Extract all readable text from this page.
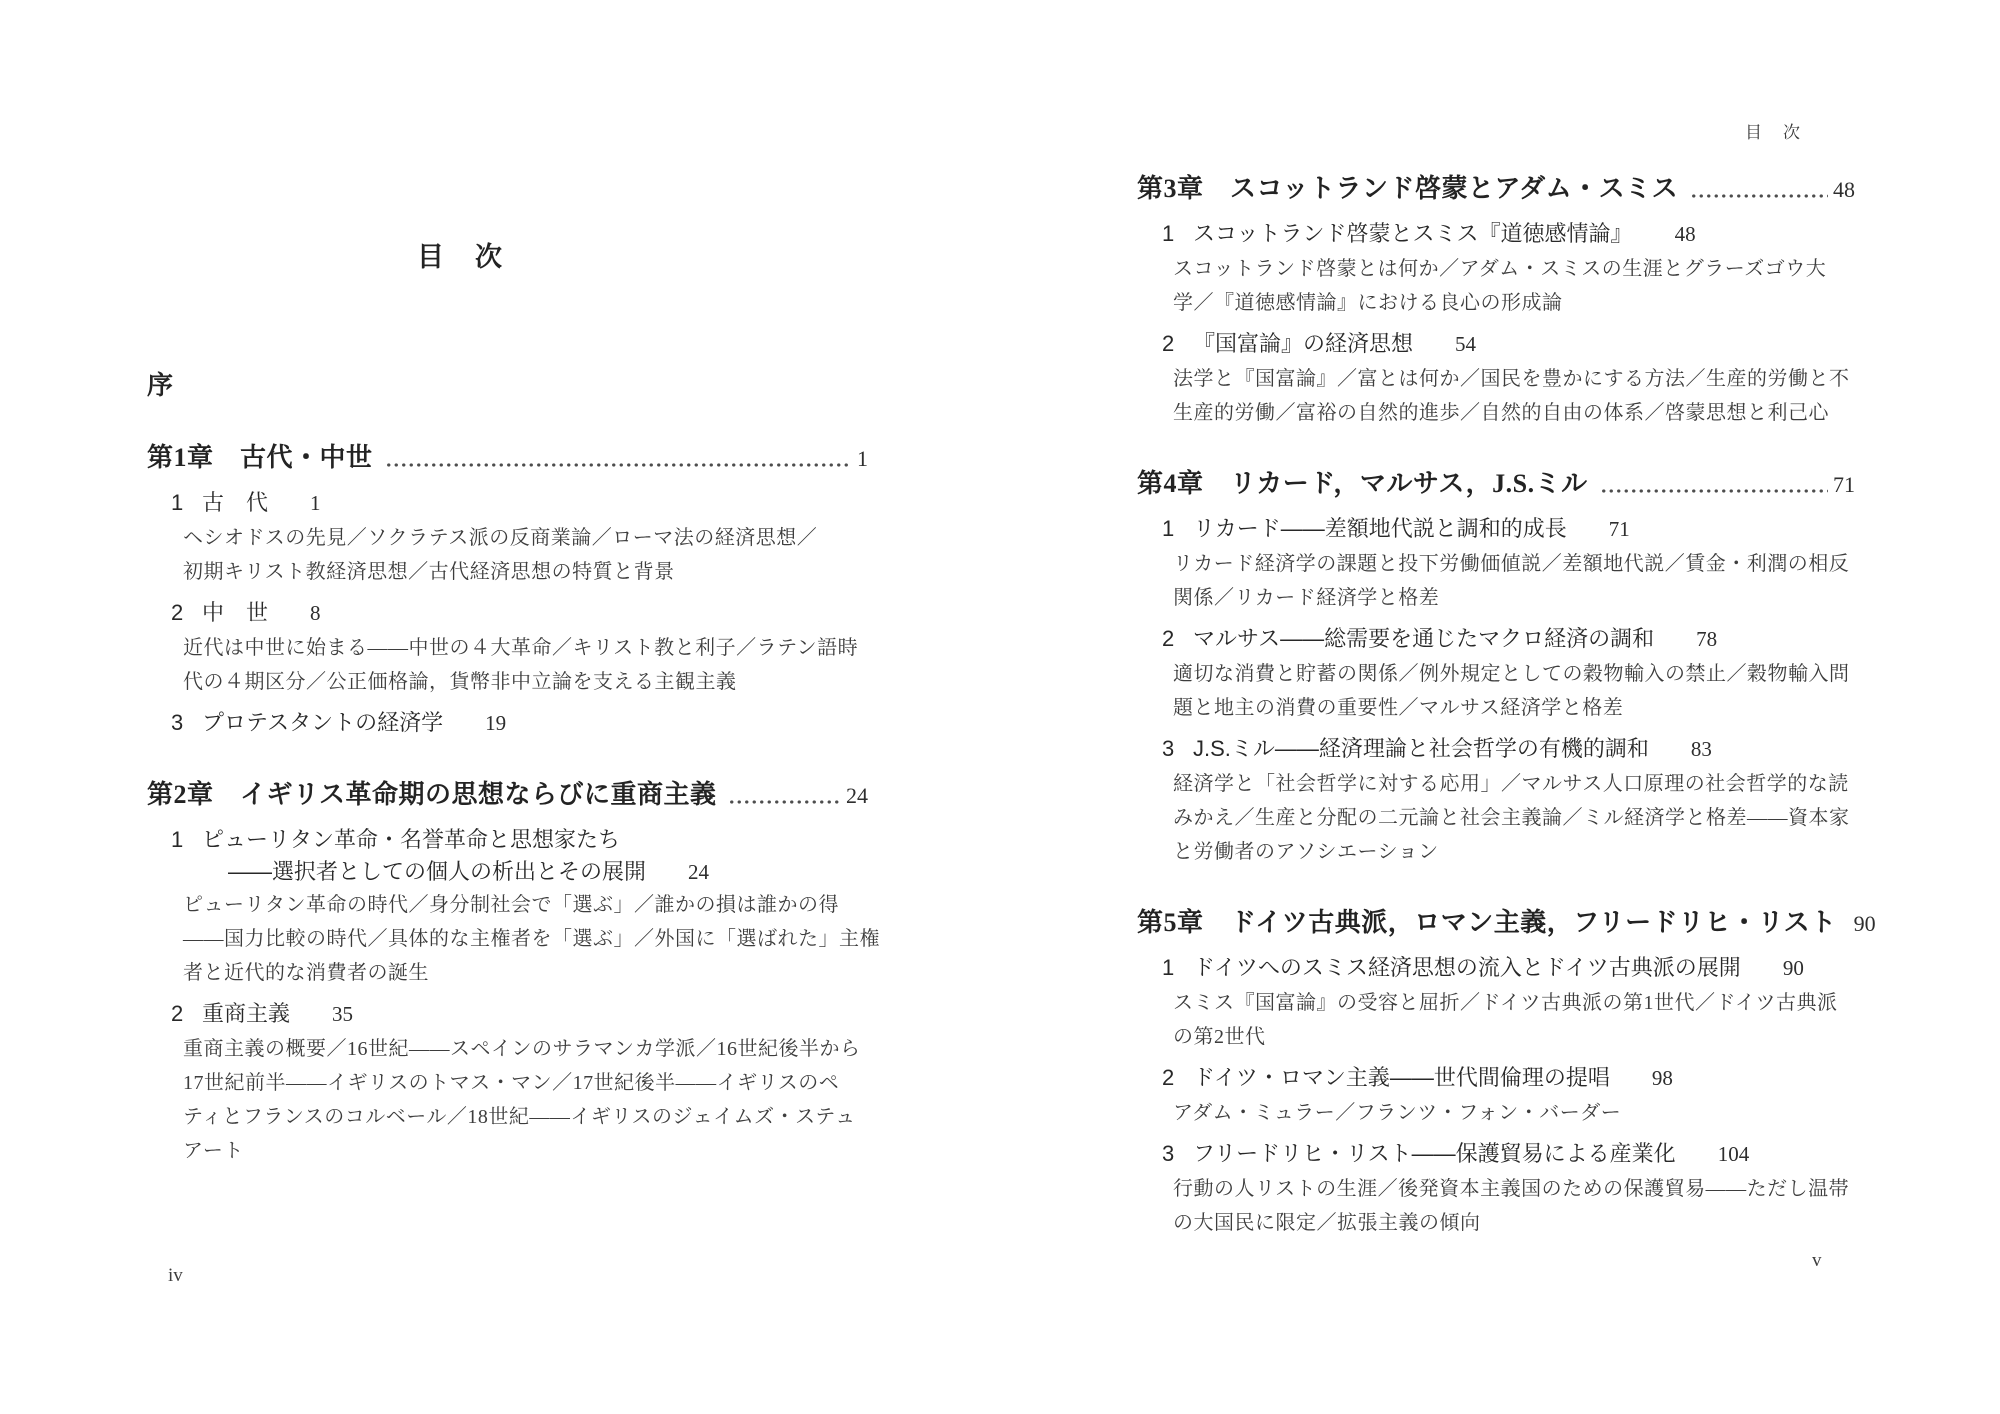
目　次
序
第1章　古代・中世	1
1 古　代 1

ヘシオドスの先見／ソクラテス派の反商業論／ローマ法の経済思想／

初期キリスト教経済思想／古代経済思想の特質と背景

2 中　世 8

近代は中世に始まる——中世の４大革命／キリスト教と利子／ラテン語時

代の４期区分／公正価格論，貨幣非中立論を支える主観主義

3 プロテスタントの経済学 19
第2章　イギリス革命期の思想ならびに重商主義	24
1 ピューリタン革命・名誉革命と思想家たち
——選択者としての個人の析出とその展開 24

ピューリタン革命の時代／身分制社会で「選ぶ」／誰かの損は誰かの得

——国力比較の時代／具体的な主権者を「選ぶ」／外国に「選ばれた」主権

者と近代的な消費者の誕生

2 重商主義 35

重商主義の概要／16世紀——スペインのサラマンカ学派／16世紀後半から

17世紀前半——イギリスのトマス・マン／17世紀後半——イギリスのペ

ティとフランスのコルベール／18世紀——イギリスのジェイムズ・ステュ

アート

iv
目　次
第3章　スコットランド啓蒙とアダム・スミス	48
1 スコットランド啓蒙とスミス『道徳感情論』 48

スコットランド啓蒙とは何か／アダム・スミスの生涯とグラーズゴウ大

学／『道徳感情論』における良心の形成論

2 『国富論』の経済思想 54

法学と『国富論』／富とは何か／国民を豊かにする方法／生産的労働と不

生産的労働／富裕の自然的進歩／自然的自由の体系／啓蒙思想と利己心

第4章　リカード，マルサス，J.S.ミル	71
1 リカード——差額地代説と調和的成長 71

リカード経済学の課題と投下労働価値説／差額地代説／賃金・利潤の相反

関係／リカード経済学と格差

2 マルサス——総需要を通じたマクロ経済の調和 78

適切な消費と貯蓄の関係／例外規定としての穀物輸入の禁止／穀物輸入問

題と地主の消費の重要性／マルサス経済学と格差

3 J.S.ミル——経済理論と社会哲学の有機的調和 83

経済学と「社会哲学に対する応用」／マルサス人口原理の社会哲学的な読

みかえ／生産と分配の二元論と社会主義論／ミル経済学と格差——資本家

と労働者のアソシエーション

第5章　ドイツ古典派，ロマン主義，フリードリヒ・リスト 90
1 ドイツへのスミス経済思想の流入とドイツ古典派の展開 90

スミス『国富論』の受容と屈折／ドイツ古典派の第1世代／ドイツ古典派

の第2世代

2 ドイツ・ロマン主義——世代間倫理の提唱 98

アダム・ミュラー／フランツ・フォン・バーダー

3 フリードリヒ・リスト——保護貿易による産業化 104

行動の人リストの生涯／後発資本主義国のための保護貿易——ただし温帯

の大国民に限定／拡張主義の傾向

v
